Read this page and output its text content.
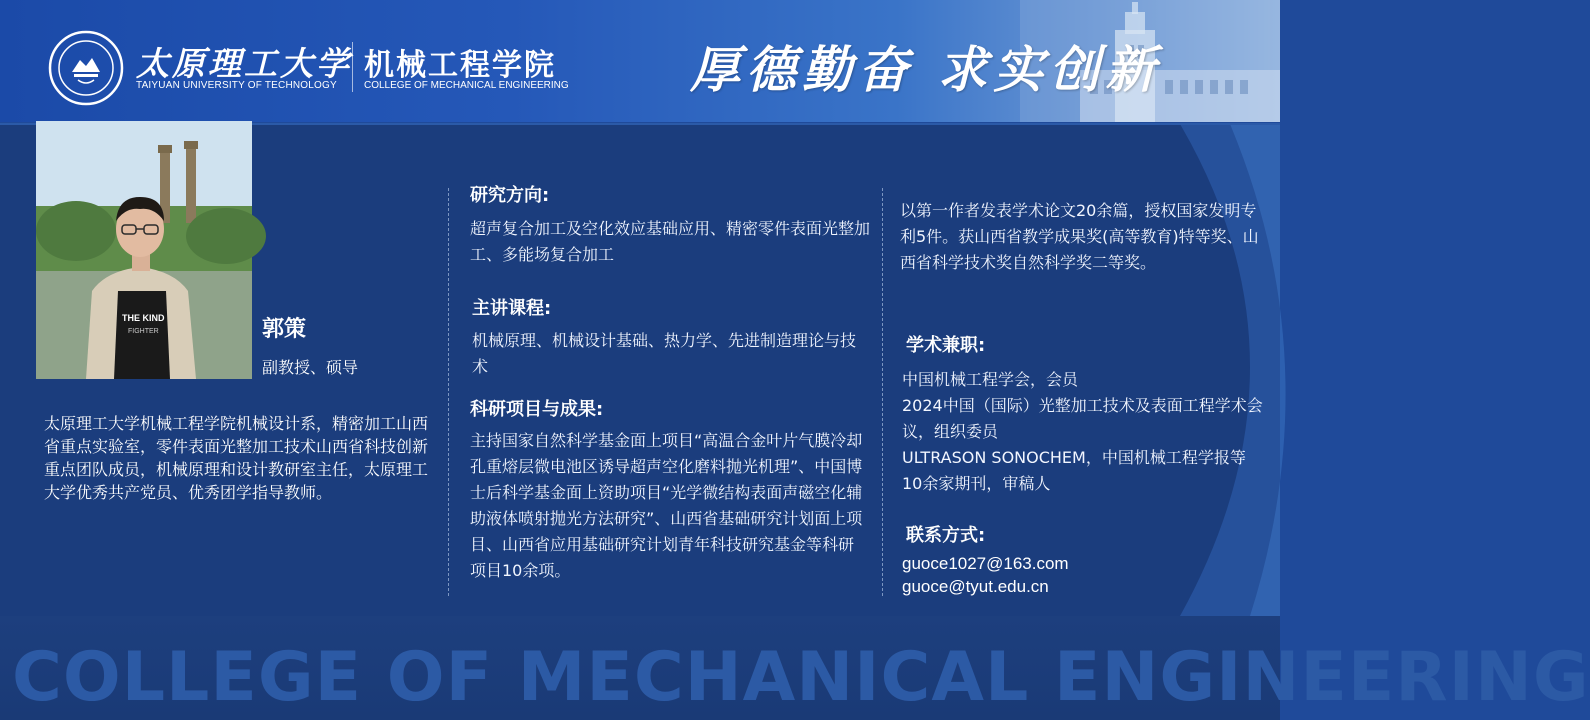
太原理工大学
TAIYUAN UNIVERSITY OF TECHNOLOGY
机械工程学院
COLLEGE OF MECHANICAL ENGINEERING 厚德勤奋 求实创新
THE KIND
FIGHTER	郭策
副教授、硕导
太原理工大学机械工程学院机械设计系，精密加工山西省重点实验室，零件表面光整加工技术山西省科技创新重点团队成员，机械原理和设计教研室主任，太原理工大学优秀共产党员、优秀团学指导教师。
研究方向:
超声复合加工及空化效应基础应用、精密零件表面光整加工、多能场复合加工
主讲课程:
机械原理、机械设计基础、热力学、先进制造理论与技术
科研项目与成果:
主持国家自然科学基金面上项目“高温合金叶片气膜冷却孔重熔层微电池区诱导超声空化磨料抛光机理”、中国博士后科学基金面上资助项目“光学微结构表面声磁空化辅助液体喷射抛光方法研究”、山西省基础研究计划面上项目、山西省应用基础研究计划青年科技研究基金等科研项目10余项。
以第一作者发表学术论文20余篇，授权国家发明专利5件。获山西省教学成果奖(高等教育)特等奖、山西省科学技术奖自然科学奖二等奖。
学术兼职:
中国机械工程学会，会员
2024中国（国际）光整加工技术及表面工程学术会议，组织委员
ULTRASON SONOCHEM，中国机械工程学报等10余家期刊，审稿人
联系方式:
guoce1027@163.com
guoce@tyut.edu.cn
COLLEGE OF MECHANICAL ENGINEERING
